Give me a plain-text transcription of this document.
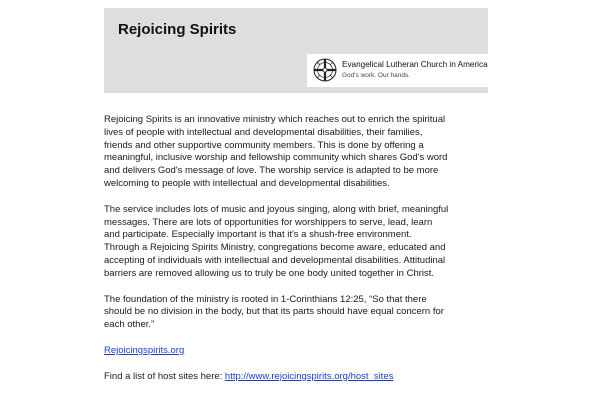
Rejoicing Spirits
Evangelical Lutheran Church in America
God's work. Our hands.

Rejoicing Spirits is an innovative ministry which reaches out to enrich the spiritual lives of people with intellectual and developmental disabilities, their families, friends and other supportive community members. This is done by offering a meaningful, inclusive worship and fellowship community which shares God's word and delivers God's message of love. The worship service is adapted to be more welcoming to people with intellectual and developmental disabilities.

The service includes lots of music and joyous singing, along with brief, meaningful messages. There are lots of opportunities for worshippers to serve, lead, learn and participate. Especially important is that it's a shush-free environment.

Through a Rejoicing Spirits Ministry, congregations become aware, educated and accepting of individuals with intellectual and developmental disabilities. Attitudinal barriers are removed allowing us to truly be one body united together in Christ.

The foundation of the ministry is rooted in 1-Corinthians 12:25, “So that there should be no division in the body, but that its parts should have equal concern for each other.”

Rejoicingspirits.org

Find a list of host sites here: http://www.rejoicingspirits.org/host_sites
